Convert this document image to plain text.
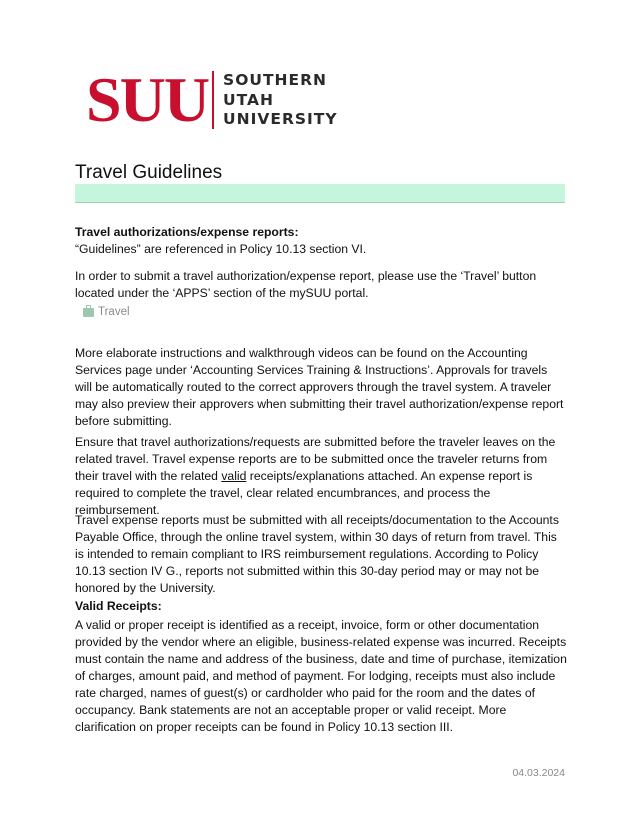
SUU SOUTHERN
UTAH
UNIVERSITY
Travel Guidelines

Travel authorizations/expense reports:

“Guidelines” are referenced in Policy 10.13 section VI.

In order to submit a travel authorization/expense report, please use the ‘Travel’ button located under the ‘APPS’ section of the mySUU portal.

Travel

More elaborate instructions and walkthrough videos can be found on the Accounting Services page under ‘Accounting Services Training & Instructions’. Approvals for travels will be automatically routed to the correct approvers through the travel system. A traveler may also preview their approvers when submitting their travel authorization/expense report before submitting.

Ensure that travel authorizations/requests are submitted before the traveler leaves on the related travel. Travel expense reports are to be submitted once the traveler returns from their travel with the related valid receipts/explanations attached. An expense report is required to complete the travel, clear related encumbrances, and process the reimbursement.

Travel expense reports must be submitted with all receipts/documentation to the Accounts Payable Office, through the online travel system, within 30 days of return from travel. This is intended to remain compliant to IRS reimbursement regulations. According to Policy 10.13 section IV G., reports not submitted within this 30-day period may or may not be honored by the University.

Valid Receipts:

A valid or proper receipt is identified as a receipt, invoice, form or other documentation provided by the vendor where an eligible, business-related expense was incurred. Receipts must contain the name and address of the business, date and time of purchase, itemization of charges, amount paid, and method of payment. For lodging, receipts must also include rate charged, names of guest(s) or cardholder who paid for the room and the dates of occupancy. Bank statements are not an acceptable proper or valid receipt. More clarification on proper receipts can be found in Policy 10.13 section III.

04.03.2024
